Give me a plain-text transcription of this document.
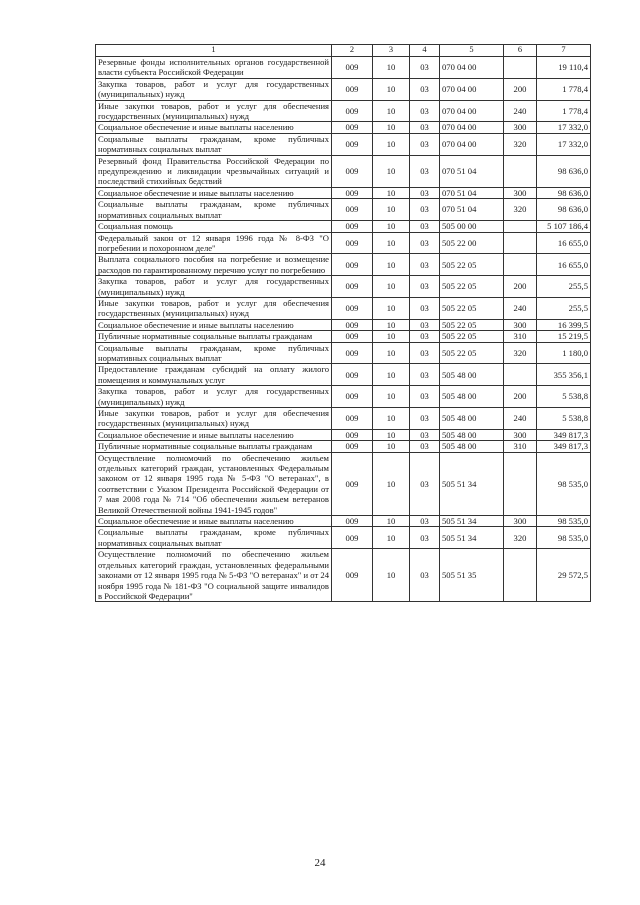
1	2	3	4	5	6	7
Резервные фонды исполнительных органов государственной власти субъекта Российской Федерации	009	10	03	070 04 00		19 110,4
Закупка товаров, работ и услуг для государственных (муниципальных) нужд	009	10	03	070 04 00	200	1 778,4
Иные закупки товаров, работ и услуг для обеспечения государственных (муниципальных) нужд	009	10	03	070 04 00	240	1 778,4
Социальное обеспечение и иные выплаты населению	009	10	03	070 04 00	300	17 332,0
Социальные выплаты гражданам, кроме публичных нормативных социальных выплат	009	10	03	070 04 00	320	17 332,0
Резервный фонд Правительства Российской Федерации по предупреждению и ликвидации чрезвычайных ситуаций и последствий стихийных бедствий	009	10	03	070 51 04		98 636,0
Социальное обеспечение и иные выплаты населению	009	10	03	070 51 04	300	98 636,0
Социальные выплаты гражданам, кроме публичных нормативных социальных выплат	009	10	03	070 51 04	320	98 636,0
Социальная помощь	009	10	03	505 00 00		5 107 186,4
Федеральный закон от 12 января 1996 года № 8-ФЗ "О погребении и похоронном деле"	009	10	03	505 22 00		16 655,0
Выплата социального пособия на погребение и возмещение расходов по гарантированному перечню услуг по погребению	009	10	03	505 22 05		16 655,0
Закупка товаров, работ и услуг для государственных (муниципальных) нужд	009	10	03	505 22 05	200	255,5
Иные закупки товаров, работ и услуг для обеспечения государственных (муниципальных) нужд	009	10	03	505 22 05	240	255,5
Социальное обеспечение и иные выплаты населению	009	10	03	505 22 05	300	16 399,5
Публичные нормативные социальные выплаты гражданам	009	10	03	505 22 05	310	15 219,5
Социальные выплаты гражданам, кроме публичных нормативных социальных выплат	009	10	03	505 22 05	320	1 180,0
Предоставление гражданам субсидий на оплату жилого помещения и коммунальных услуг	009	10	03	505 48 00		355 356,1
Закупка товаров, работ и услуг для государственных (муниципальных) нужд	009	10	03	505 48 00	200	5 538,8
Иные закупки товаров, работ и услуг для обеспечения государственных (муниципальных) нужд	009	10	03	505 48 00	240	5 538,8
Социальное обеспечение и иные выплаты населению	009	10	03	505 48 00	300	349 817,3
Публичные нормативные социальные выплаты гражданам	009	10	03	505 48 00	310	349 817,3
Осуществление полномочий по обеспечению жильем отдельных категорий граждан, установленных Федеральным законом от 12 января 1995 года № 5-ФЗ "О ветеранах", в соответствии с Указом Президента Российской Федерации от 7 мая 2008 года № 714 "Об обеспечении жильем ветеранов Великой Отечественной войны 1941-1945 годов"	009	10	03	505 51 34		98 535,0
Социальное обеспечение и иные выплаты населению	009	10	03	505 51 34	300	98 535,0
Социальные выплаты гражданам, кроме публичных нормативных социальных выплат	009	10	03	505 51 34	320	98 535,0
Осуществление полномочий по обеспечению жильем отдельных категорий граждан, установленных федеральными законами от 12 января 1995 года № 5-ФЗ "О ветеранах" и от 24 ноября 1995 года № 181-ФЗ "О социальной защите инвалидов в Российской Федерации"	009	10	03	505 51 35		29 572,5
24
